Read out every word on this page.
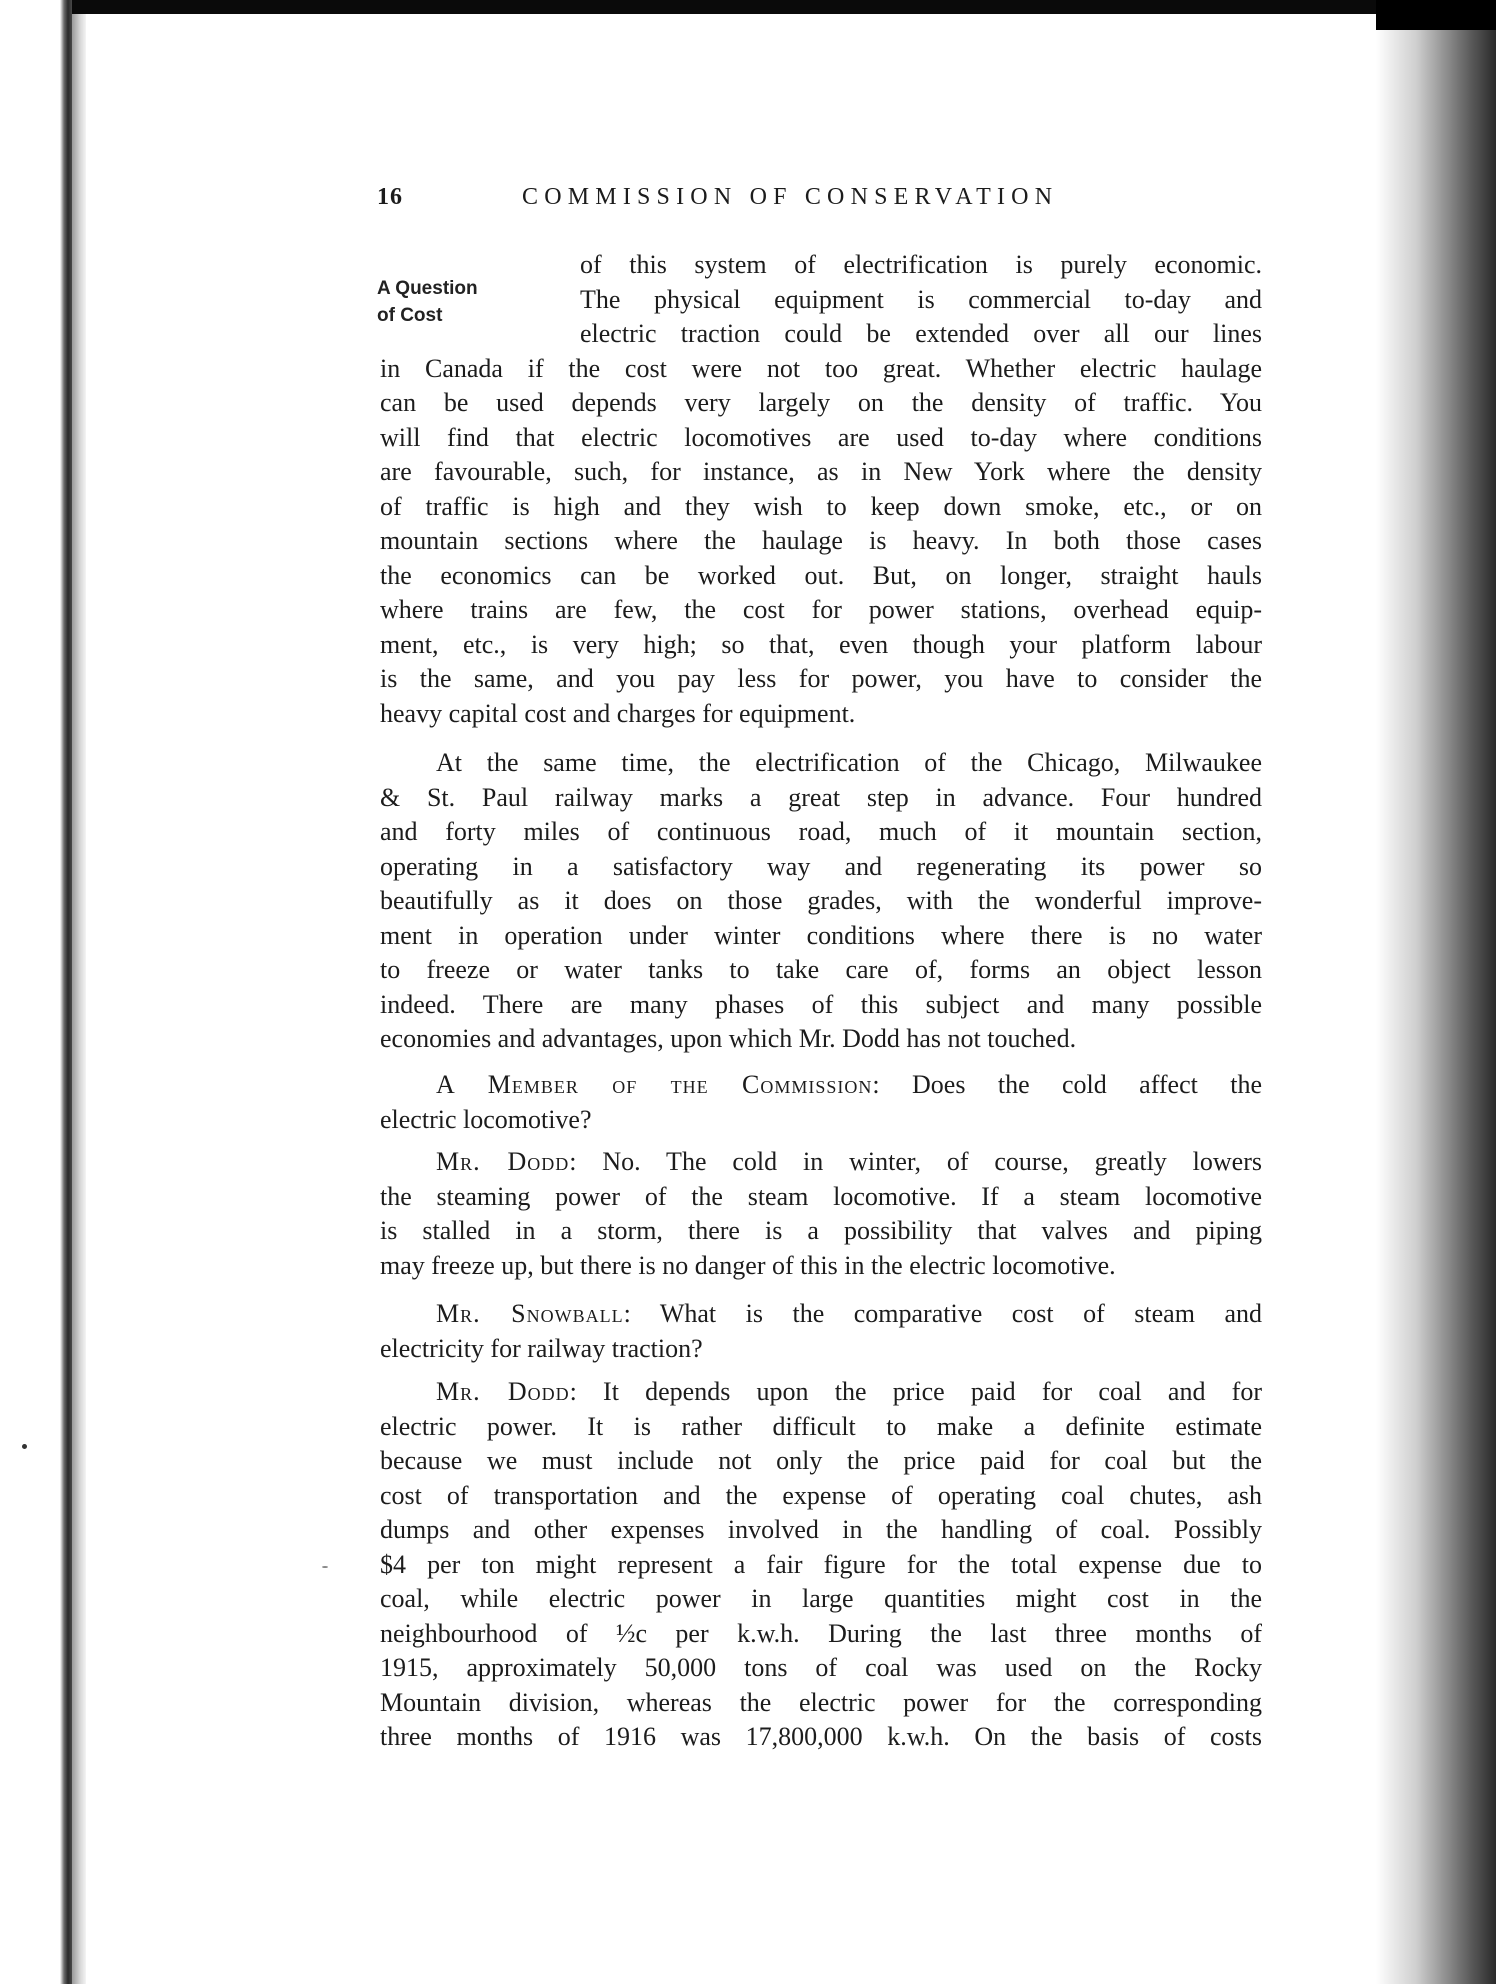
16	COMMISSION OF CONSERVATION
A Question
of Cost
of this system of electrification is purely economic.
The physical equipment is commercial to-day and
electric traction could be extended over all our lines
in Canada if the cost were not too great. Whether electric haulage
can be used depends very largely on the density of traffic. You
will find that electric locomotives are used to-day where conditions
are favourable, such, for instance, as in New York where the density
of traffic is high and they wish to keep down smoke, etc., or on
mountain sections where the haulage is heavy. In both those cases
the economics can be worked out. But, on longer, straight hauls
where trains are few, the cost for power stations, overhead equip-
ment, etc., is very high; so that, even though your platform labour
is the same, and you pay less for power, you have to consider the
heavy capital cost and charges for equipment.
At the same time, the electrification of the Chicago, Milwaukee
& St. Paul railway marks a great step in advance. Four hundred
and forty miles of continuous road, much of it mountain section,
operating in a satisfactory way and regenerating its power so
beautifully as it does on those grades, with the wonderful improve-
ment in operation under winter conditions where there is no water
to freeze or water tanks to take care of, forms an object lesson
indeed. There are many phases of this subject and many possible
economies and advantages, upon which Mr. Dodd has not touched.
A Member of the Commission: Does the cold affect the
electric locomotive?
Mr. Dodd: No. The cold in winter, of course, greatly lowers
the steaming power of the steam locomotive. If a steam locomotive
is stalled in a storm, there is a possibility that valves and piping
may freeze up, but there is no danger of this in the electric locomotive.
Mr. Snowball: What is the comparative cost of steam and
electricity for railway traction?
Mr. Dodd: It depends upon the price paid for coal and for
electric power. It is rather difficult to make a definite estimate
because we must include not only the price paid for coal but the
cost of transportation and the expense of operating coal chutes, ash
dumps and other expenses involved in the handling of coal. Possibly
$4 per ton might represent a fair figure for the total expense due to
coal, while electric power in large quantities might cost in the
neighbourhood of ½c per k.w.h. During the last three months of
1915, approximately 50,000 tons of coal was used on the Rocky
Mountain division, whereas the electric power for the corresponding
three months of 1916 was 17,800,000 k.w.h. On the basis of costs
